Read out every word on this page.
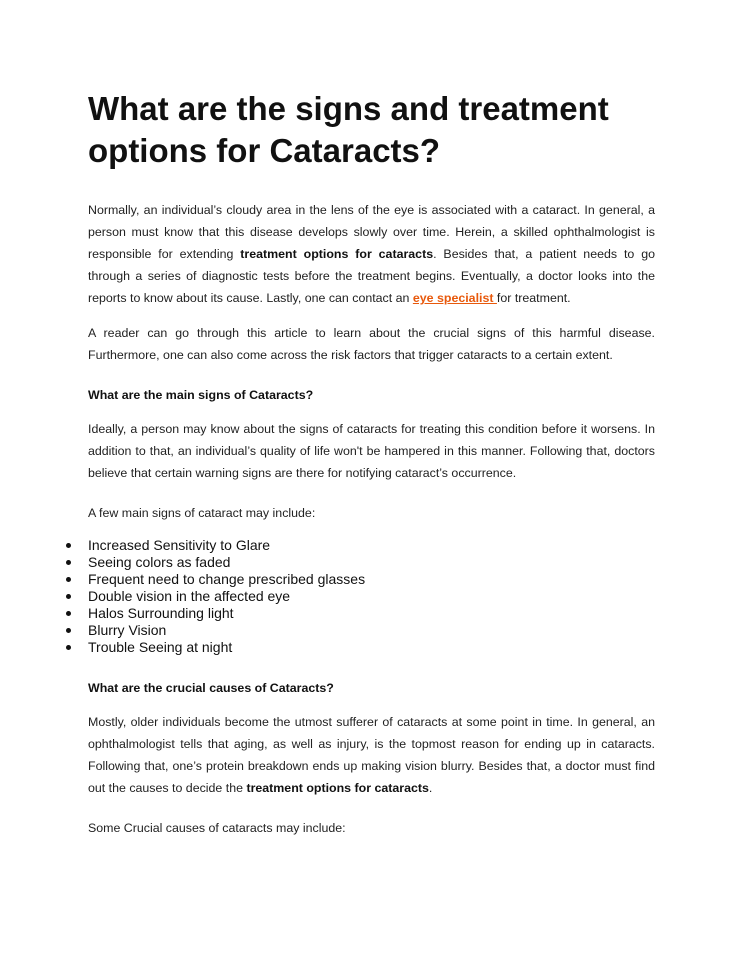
What are the signs and treatment options for Cataracts?

Normally, an individual’s cloudy area in the lens of the eye is associated with a cataract. In general, a person must know that this disease develops slowly over time. Herein, a skilled ophthalmologist is responsible for extending treatment options for cataracts. Besides that, a patient needs to go through a series of diagnostic tests before the treatment begins. Eventually, a doctor looks into the reports to know about its cause. Lastly, one can contact an eye specialist for treatment.

A reader can go through this article to learn about the crucial signs of this harmful disease. Furthermore, one can also come across the risk factors that trigger cataracts to a certain extent.

What are the main signs of Cataracts?

Ideally, a person may know about the signs of cataracts for treating this condition before it worsens. In addition to that, an individual’s quality of life won't be hampered in this manner. Following that, doctors believe that certain warning signs are there for notifying cataract’s occurrence.

A few main signs of cataract may include:

Increased Sensitivity to Glare
Seeing colors as faded
Frequent need to change prescribed glasses
Double vision in the affected eye
Halos Surrounding light
Blurry Vision
Trouble Seeing at night
What are the crucial causes of Cataracts?

Mostly, older individuals become the utmost sufferer of cataracts at some point in time. In general, an ophthalmologist tells that aging, as well as injury, is the topmost reason for ending up in cataracts. Following that, one’s protein breakdown ends up making vision blurry. Besides that, a doctor must find out the causes to decide the treatment options for cataracts.

Some Crucial causes of cataracts may include:
